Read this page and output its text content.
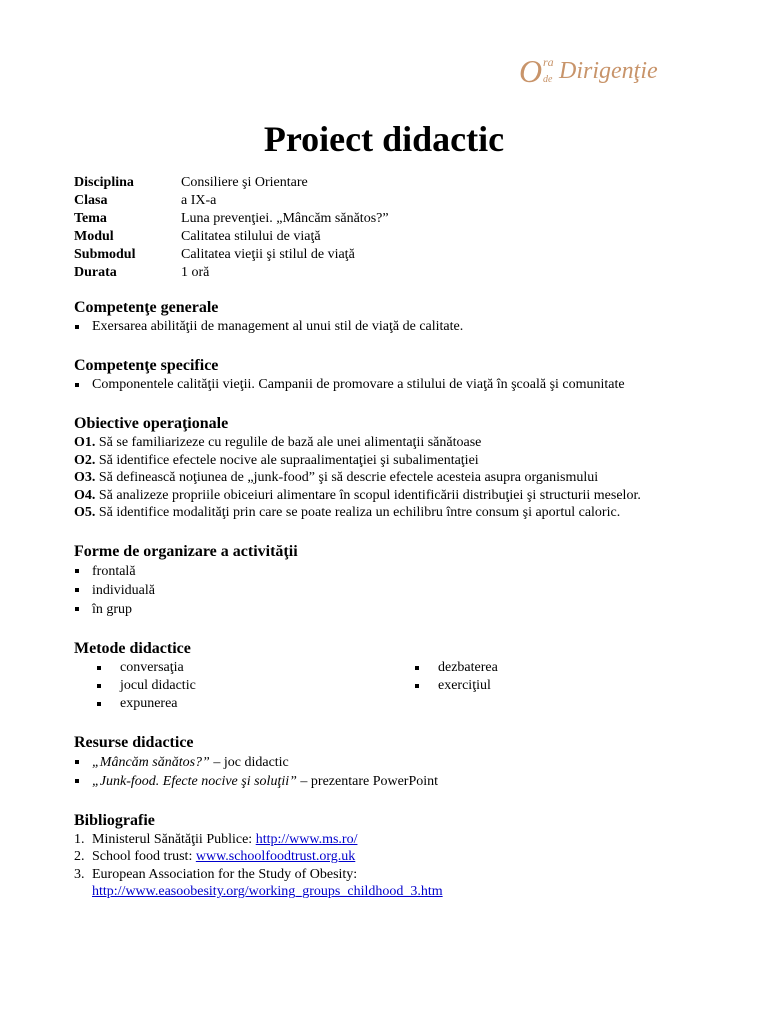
O ra
de Dirigenţie
Proiect didactic
Disciplina	Consiliere şi Orientare
Clasa	a IX-a
Tema	Luna prevenţiei. „Mâncăm sănătos?”
Modul	Calitatea stilului de viaţă
Submodul	Calitatea vieţii şi stilul de viaţă
Durata	1 oră
Competenţe generale
Exersarea abilităţii de management al unui stil de viaţă de calitate.
Competenţe specifice
Componentele calităţii vieţii. Campanii de promovare a stilului de viaţă în şcoală şi comunitate
Obiective operaţionale
O1. Să se familiarizeze cu regulile de bază ale unei alimentaţii sănătoase
O2. Să identifice efectele nocive ale supraalimentaţiei şi subalimentaţiei
O3. Să definească noţiunea de „junk-food” şi să descrie efectele acesteia asupra organismului
O4. Să analizeze propriile obiceiuri alimentare în scopul identificării distribuţiei şi structurii meselor.
O5. Să identifice modalităţi prin care se poate realiza un echilibru între consum şi aportul caloric.
Forme de organizare a activităţii
frontală
individuală
în grup
Metode didactice
conversaţia
jocul didactic
expunerea
dezbaterea
exerciţiul
Resurse didactice
„Mâncăm sănătos?” – joc didactic
„Junk-food. Efecte nocive şi soluţii” – prezentare PowerPoint
Bibliografie
1. Ministerul Sănătăţii Publice: http://www.ms.ro/
2. School food trust: www.schoolfoodtrust.org.uk
3. European Association for the Study of Obesity:
http://www.easoobesity.org/working_groups_childhood_3.htm
